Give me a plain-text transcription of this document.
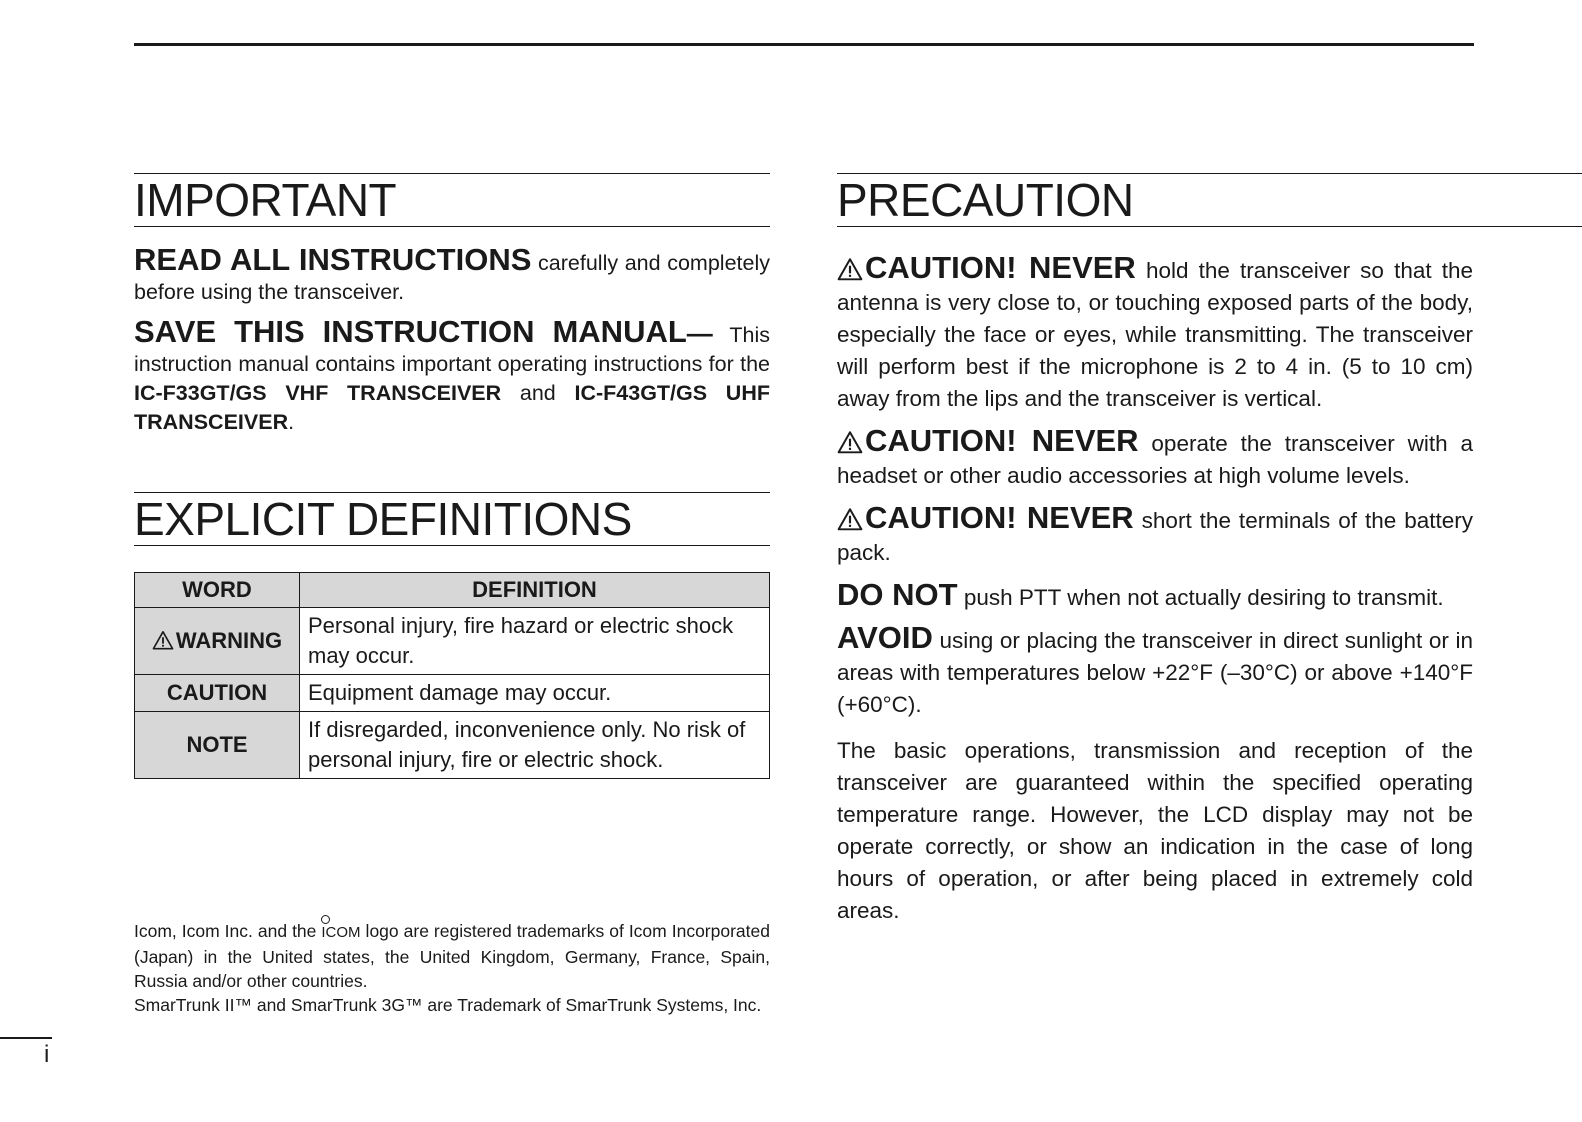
IMPORTANT

READ ALL INSTRUCTIONS carefully and completely before using the transceiver.

SAVE THIS INSTRUCTION MANUAL— This instruction manual contains important operating instructions for the IC-F33GT/GS VHF TRANSCEIVER and IC-F43GT/GS UHF TRANSCEIVER.

EXPLICIT DEFINITIONS
WORD	DEFINITION
WARNING	Personal injury, fire hazard or electric shock may occur.
CAUTION	Equipment damage may occur.
NOTE	If disregarded, inconvenience only. No risk of personal injury, fire or electric shock.
PRECAUTION

CAUTION! NEVER hold the transceiver so that the antenna is very close to, or touching exposed parts of the body, especially the face or eyes, while transmitting. The transceiver will perform best if the microphone is 2 to 4 in. (5 to 10 cm) away from the lips and the transceiver is vertical.

CAUTION! NEVER operate the transceiver with a headset or other audio accessories at high volume levels.

CAUTION! NEVER short the terminals of the battery pack.

DO NOT push PTT when not actually desiring to transmit.

AVOID using or placing the transceiver in direct sunlight or in areas with temperatures below +22°F (–30°C) or above +140°F (+60°C).

The basic operations, transmission and reception of the transceiver are guaranteed within the specified operating temperature range. However, the LCD display may not be operate correctly, or show an indication in the case of long hours of operation, or after being placed in extremely cold areas.

Icom, Icom Inc. and the ICOM logo are registered trademarks of Icom Incorporated (Japan) in the United states, the United Kingdom, Germany, France, Spain, Russia and/or other countries.

SmarTrunk II™ and SmarTrunk 3G™ are Trademark of SmarTrunk Systems, Inc.

i
